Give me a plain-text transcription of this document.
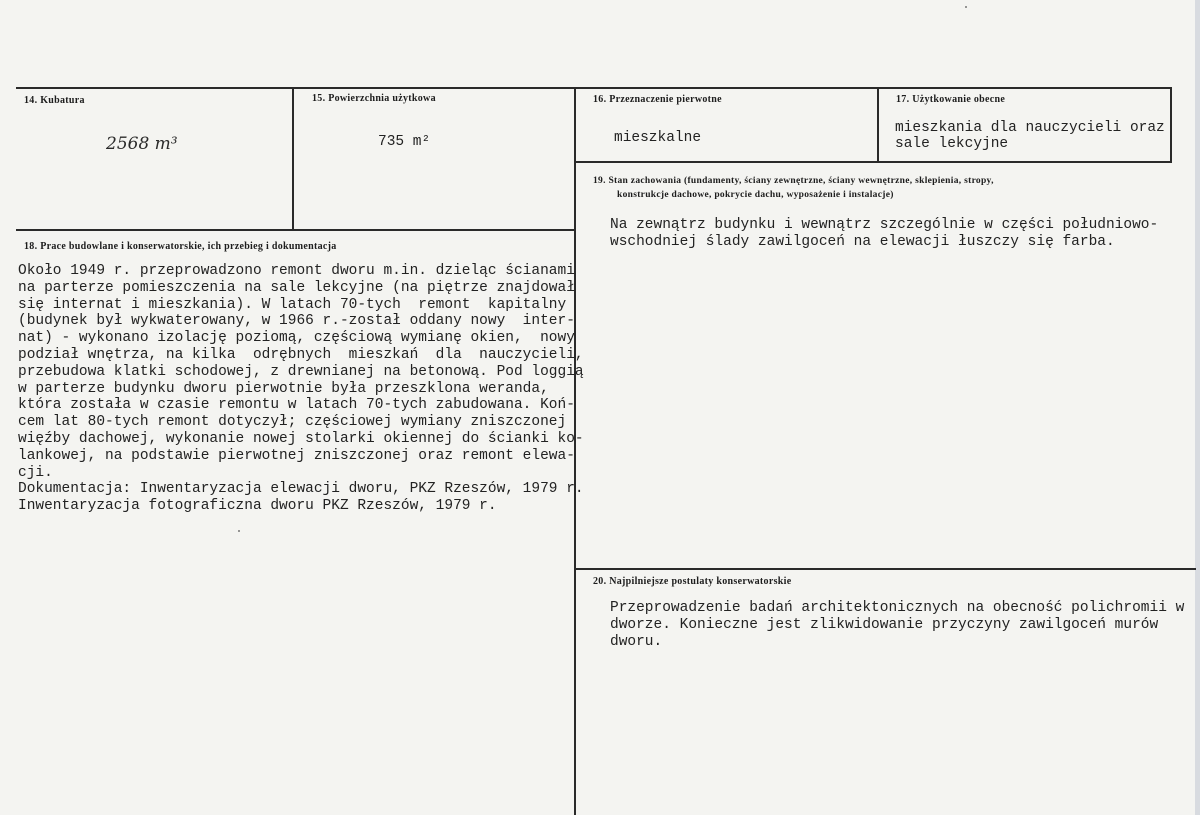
14. Kubatura
2568 m³
15. Powierzchnia użytkowa
735 m²
16. Przeznaczenie pierwotne
mieszkalne
17. Użytkowanie obecne
mieszkania dla nauczycieli oraz
sale lekcyjne
18. Prace budowlane i konserwatorskie, ich przebieg i dokumentacja
Około 1949 r. przeprowadzono remont dworu m.in. dzieląc ścianami
na parterze pomieszczenia na sale lekcyjne (na piętrze znajdował
się internat i mieszkania). W latach 70-tych  remont  kapitalny
(budynek był wykwaterowany, w 1966 r.-został oddany nowy  inter-
nat) - wykonano izolację poziomą, częściową wymianę okien,  nowy
podział wnętrza, na kilka  odrębnych  mieszkań  dla  nauczycieli,
przebudowa klatki schodowej, z drewnianej na betonową. Pod loggią
w parterze budynku dworu pierwotnie była przeszklona weranda,
która została w czasie remontu w latach 70-tych zabudowana. Koń-
cem lat 80-tych remont dotyczył; częściowej wymiany zniszczonej
więźby dachowej, wykonanie nowej stolarki okiennej do ścianki ko-
lankowej, na podstawie pierwotnej zniszczonej oraz remont elewa-
cji.
Dokumentacja: Inwentaryzacja elewacji dworu, PKZ Rzeszów, 1979 r.
Inwentaryzacja fotograficzna dworu PKZ Rzeszów, 1979 r.
19. Stan zachowania (fundamenty, ściany zewnętrzne, ściany wewnętrzne, sklepienia, stropy,
konstrukcje dachowe, pokrycie dachu, wyposażenie i instalacje)
Na zewnątrz budynku i wewnątrz szczególnie w części południowo-
wschodniej ślady zawilgoceń na elewacji łuszczy się farba.
20. Najpilniejsze postulaty konserwatorskie
Przeprowadzenie badań architektonicznych na obecność polichromii w
dworze. Konieczne jest zlikwidowanie przyczyny zawilgoceń murów
dworu.
